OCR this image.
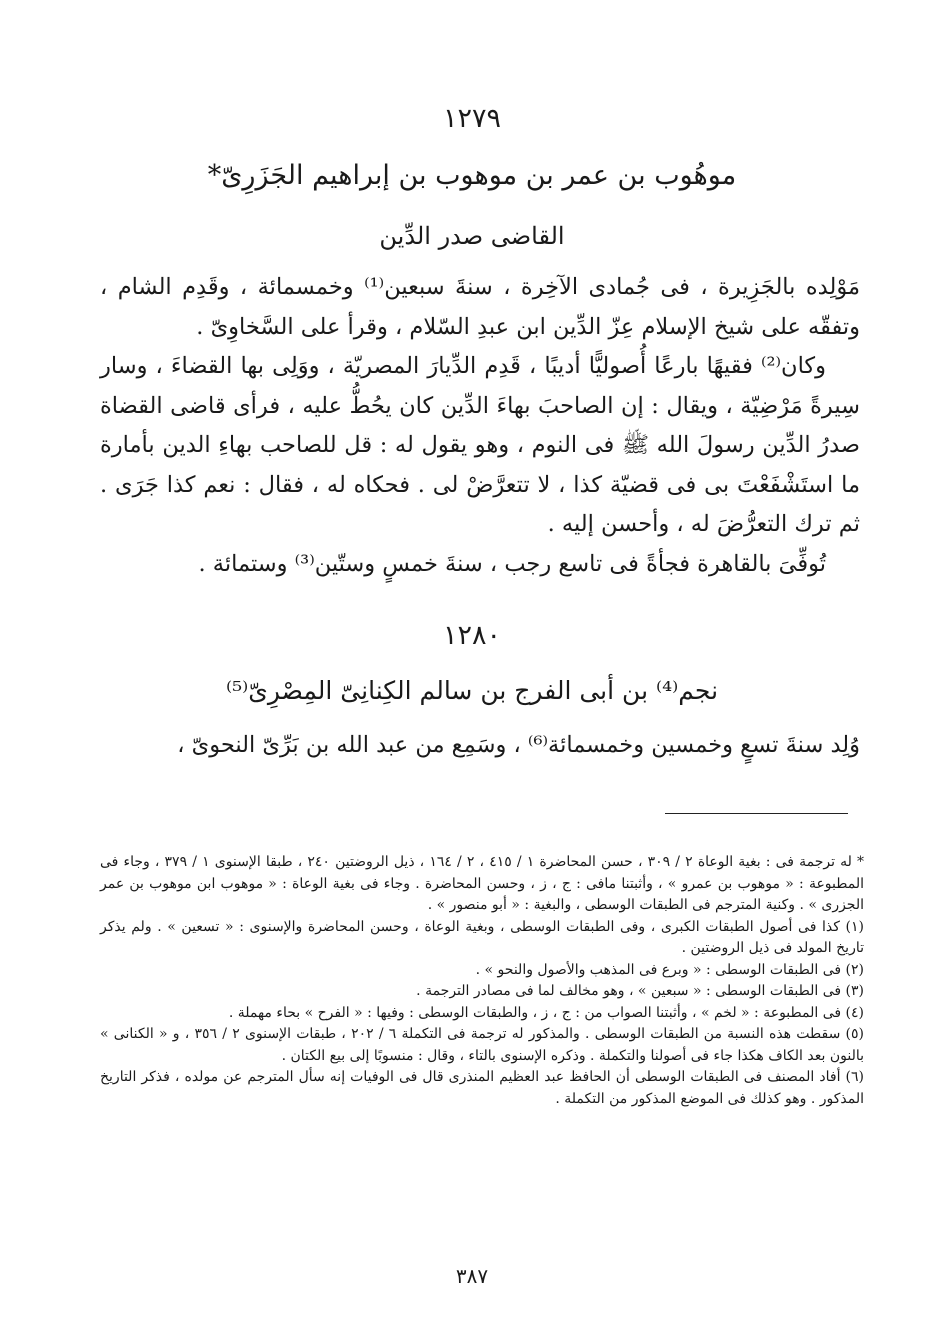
١٢٧٩
موهُوب بن عمر بن موهوب بن إبراهيم الجَزَرِىّ*
القاضى صدر الدِّين

مَوْلِده بالجَزِيرة ، فى جُمادى الآخِرة ، سنةَ سبعين⁽¹⁾ وخمسمائة ، وقَدِم الشام ، وتفقّه على شيخ الإسلام عِزّ الدِّين ابن عبدِ السّلام ، وقرأ على السَّخاوِىّ .

وكان⁽²⁾ فقيهًا بارعًا أُصوليًّا أديبًا ، قَدِم الدِّيارَ المصريّة ، ووَلِى بها القضاءَ ، وسار سِيرةً مَرْضِيّة ، ويقال : إن الصاحبَ بهاءَ الدِّين كان يحُطُّ عليه ، فرأى قاضى القضاة صدرُ الدِّين رسولَ الله ﷺ فى النوم ، وهو يقول له : قل للصاحب بهاءِ الدين بأمارة ما استَشْفَعْتَ بى فى قضيّة كذا ، لا تتعرَّضْ لى . فحكاه له ، فقال : نعم كذا جَرَى . ثم ترك التعرُّضَ له ، وأحسن إليه .

تُوفِّىَ بالقاهرة فجأةً فى تاسع رجب ، سنةَ خمسٍ وستّين⁽³⁾ وستمائة .

١٢٨٠
نجم⁽⁴⁾ بن أبى الفرج بن سالم الكِنانِىّ المِصْرِىّ⁽⁵⁾

وُلِد سنةَ تسعٍ وخمسين وخمسمائة⁽⁶⁾ ، وسَمِع من عبد الله بن بَرِّىّ النحوىّ ،

* له ترجمة فى : بغية الوعاة ٢ / ٣٠٩ ، حسن المحاضرة ١ / ٤١٥ ، ٢ / ١٦٤ ، ذيل الروضتين ٢٤٠ ، طبقا الإسنوى ١ / ٣٧٩ ، وجاء فى المطبوعة : « موهوب بن عمرو » ، وأثبتنا مافى : ج ، ز ، وحسن المحاضرة . وجاء فى بغية الوعاة : « موهوب ابن موهوب بن عمر الجزرى » . وكنية المترجم فى الطبقات الوسطى ، والبغية : « أبو منصور » .

(١) كذا فى أصول الطبقات الكبرى ، وفى الطبقات الوسطى ، وبغية الوعاة ، وحسن المحاضرة والإسنوى : « تسعين » . ولم يذكر تاريخ المولد فى ذيل الروضتين .

(٢) فى الطبقات الوسطى : « وبرع فى المذهب والأصول والنحو » .

(٣) فى الطبقات الوسطى : « سبعين » ، وهو مخالف لما فى مصادر الترجمة .

(٤) فى المطبوعة : « لخم » ، وأثبتنا الصواب من : ج ، ز ، والطبقات الوسطى : وفيها : « الفرح » بحاء مهملة .

(٥) سقطت هذه النسبة من الطبقات الوسطى . والمذكور له ترجمة فى التكملة ٦ / ٢٠٢ ، طبقات الإسنوى ٢ / ٣٥٦ ، و « الكنانى » بالنون بعد الكاف هكذا جاء فى أصولنا والتكملة . وذكره الإسنوى بالتاء ، وقال : منسوبًا إلى بيع الكتان .

(٦) أفاد المصنف فى الطبقات الوسطى أن الحافظ عبد العظيم المنذرى قال فى الوفيات إنه سأل المترجم عن مولده ، فذكر التاريخ المذكور . وهو كذلك فى الموضع المذكور من التكملة .

٣٨٧
